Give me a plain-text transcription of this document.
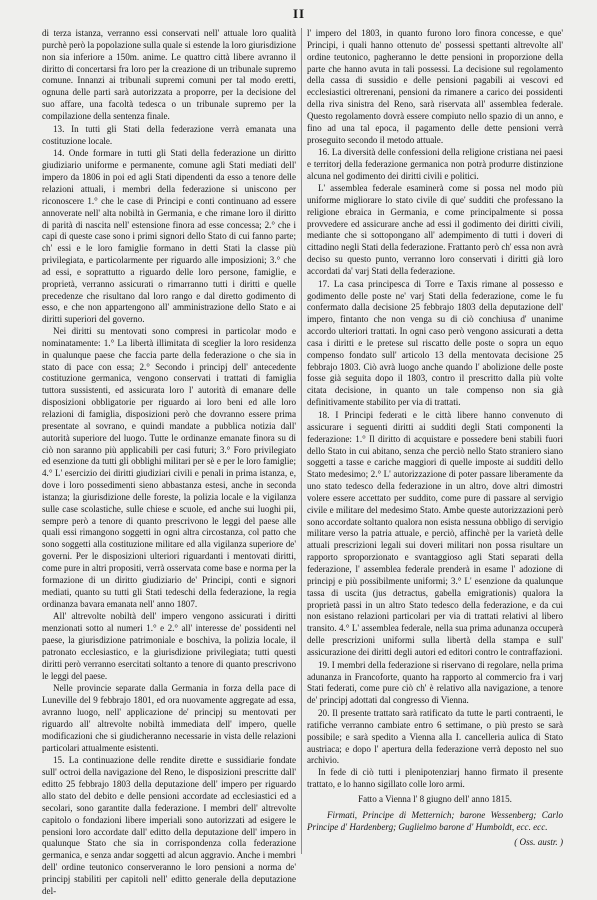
II

di terza istanza, verranno essi conservati nell' attuale loro qualità purchè però la popolazione sulla quale si estende la loro giurisdizione non sia inferiore a 150m. anime. Le quattro città libere avranno il diritto di concertarsi fra loro per la creazione di un tribunale supremo comune. Innanzi ai tribunali supremi comuni per tal modo eretti, ognuna delle parti sarà autorizzata a proporre, per la decisione del suo affare, una facoltà tedesca o un tribunale supremo per la compilazione della sentenza finale.

13. In tutti gli Stati della federazione verrà emanata una costituzione locale.

14. Onde formare in tutti gli Stati della federazione un diritto giudiziario uniforme e permanente, comune agli Stati mediati dell' impero da 1806 in poi ed agli Stati dipendenti da esso a tenore delle relazioni attuali, i membri della federazione si uniscono per riconoscere 1.° che le case di Principi e conti continuano ad essere annoverate nell' alta nobiltà in Germania, e che rimane loro il diritto di parità di nascita nell' estensione finora ad esse concessa; 2.° che i capi di queste case sono i primi signori dello Stato di cui fanno parte; ch' essi e le loro famiglie formano in detti Stati la classe più privilegiata, e particolarmente per riguardo alle imposizioni; 3.° che ad essi, e soprattutto a riguardo delle loro persone, famiglie, e proprietà, verranno assicurati o rimarranno tutti i diritti e quelle precedenze che risultano dal loro rango e dal diretto godimento di esso, e che non appartengono all' amministrazione dello Stato e ai diritti superiori del governo.

Nei diritti su mentovati sono compresi in particolar modo e nominatamente: 1.° La libertà illimitata di sceglier la loro residenza in qualunque paese che faccia parte della federazione o che sia in stato di pace con essa; 2.° Secondo i principj dell' antecedente costituzione germanica, vengono conservati i trattati di famiglia tuttora sussistenti, ed assicurata loro l' autorità di emanare delle disposizioni obbligatorie per riguardo ai loro beni ed alle loro relazioni di famiglia, disposizioni però che dovranno essere prima presentate al sovrano, e quindi mandate a pubblica notizia dall' autorità superiore del luogo. Tutte le ordinanze emanate finora su di ciò non saranno più applicabili per casi futuri; 3.° Foro privilegiato ed esenzione da tutti gli obblighi militari per sè e per le loro famiglie; 4.° L' esercizio dei diritti giudiziari civili e penali in prima istanza, e, dove i loro possedimenti sieno abbastanza estesi, anche in seconda istanza; la giurisdizione delle foreste, la polizia locale e la vigilanza sulle case scolastiche, sulle chiese e scuole, ed anche sui luoghi pii, sempre però a tenore di quanto prescrivono le leggi del paese alle quali essi rimangono soggetti in ogni altra circostanza, col patto che sono soggetti alla costituzione militare ed alla vigilanza superiore de' governi. Per le disposizioni ulteriori riguardanti i mentovati diritti, come pure in altri propositi, verrà osservata come base e norma per la formazione di un diritto giudiziario de' Principi, conti e signori mediati, quanto su tutti gli Stati tedeschi della federazione, la regia ordinanza bavara emanata nell' anno 1807.

All' altrevolte nobiltà dell' impero vengono assicurati i diritti menzionati sotto al numeri 1.° e 2.° all' interesse de' possidenti nel paese, la giurisdizione patrimoniale e boschiva, la polizia locale, il patronato ecclesiastico, e la giurisdizione privilegiata; tutti questi diritti però verranno esercitati soltanto a tenore di quanto prescrivono le leggi del paese.

Nelle provincie separate dalla Germania in forza della pace di Luneville del 9 febbrajo 1801, ed ora nuovamente aggregate ad essa, avranno luogo, nell' applicazione de' principj su mentovati per riguardo all' altrevolte nobiltà immediata dell' impero, quelle modificazioni che si giudicheranno necessarie in vista delle relazioni particolari attualmente esistenti.

15. La continuazione delle rendite dirette e sussidiarie fondate sull' octroi della navigazione del Reno, le disposizioni prescritte dall' editto 25 febbrajo 1803 della deputazione dell' impero per riguardo allo stato del debito e delle pensioni accordate ad ecclesiastici ed a secolari, sono garantite dalla federazione. I membri dell' altrevolte capitolo o fondazioni libere imperiali sono autorizzati ad esigere le pensioni loro accordate dall' editto della deputazione dell' impero in qualunque Stato che sia in corrispondenza colla federazione germanica, e senza andar soggetti ad alcun aggravio. Anche i membri dell' ordine teutonico conserveranno le loro pensioni a norma de' principj stabiliti per capitoli nell' editto generale della deputazione del-

l' impero del 1803, in quanto furono loro finora concesse, e que' Principi, i quali hanno ottenuto de' possessi spettanti altrevolte all' ordine teutonico, pagheranno le dette pensioni in proporzione della parte che hanno avuta in tali possessi. La decisione sul regolamento della cassa di sussidio e delle pensioni pagabili ai vescovi ed ecclesiastici oltrerenani, pensioni da rimanere a carico dei possidenti della riva sinistra del Reno, sarà riservata all' assemblea federale. Questo regolamento dovrà essere compiuto nello spazio di un anno, e fino ad una tal epoca, il pagamento delle dette pensioni verrà proseguito secondo il metodo attuale.

16. La diversità delle confessioni della religione cristiana nei paesi e territorj della federazione germanica non potrà produrre distinzione alcuna nel godimento dei diritti civili e politici.

L' assemblea federale esaminerà come si possa nel modo più uniforme migliorare lo stato civile di que' sudditi che professano la religione ebraica in Germania, e come principalmente si possa provvedere ed assicurare anche ad essi il godimento dei diritti civili, mediante che si sottopongano all' adempimento di tutti i doveri di cittadino negli Stati della federazione. Frattanto però ch' essa non avrà deciso su questo punto, verranno loro conservati i diritti già loro accordati da' varj Stati della federazione.

17. La casa principesca di Torre e Taxis rimane al possesso e godimento delle poste ne' varj Stati della federazione, come le fu confermato dalla decisione 25 febbrajo 1803 della deputazione dell' impero, fintanto che non venga su di ciò conchiusa d' unanime accordo ulteriori trattati. In ogni caso però vengono assicurati a detta casa i diritti e le pretese sul riscatto delle poste o sopra un equo compenso fondato sull' articolo 13 della mentovata decisione 25 febbrajo 1803. Ciò avrà luogo anche quando l' abolizione delle poste fosse già seguita dopo il 1803, contro il prescritto dalla più volte citata decisione, in quanto un tale compenso non sia già definitivamente stabilito per via di trattati.

18. I Principi federati e le città libere hanno convenuto di assicurare i seguenti diritti ai sudditi degli Stati componenti la federazione: 1.° Il diritto di acquistare e possedere beni stabili fuori dello Stato in cui abitano, senza che perciò nello Stato straniero siano soggetti a tasse e cariche maggiori di quelle imposte ai sudditi dello Stato medesimo; 2.° L' autorizzazione di poter passare liberamente da uno stato tedesco della federazione in un altro, dove altri dimostri volere essere accettato per suddito, come pure di passare al servigio civile e militare del medesimo Stato. Ambe queste autorizzazioni però sono accordate soltanto qualora non esista nessuna obbligo di servigio militare verso la patria attuale, e perciò, affinchè per la varietà delle attuali prescrizioni legali sui doveri militari non possa risultare un rapporto sproporzionato e svantaggioso agli Stati separati della federazione, l' assemblea federale prenderà in esame l' adozione di principj e più possibilmente uniformi; 3.° L' esenzione da qualunque tassa di uscita (jus detractus, gabella emigrationis) qualora la proprietà passi in un altro Stato tedesco della federazione, e da cui non esistano relazioni particolari per via di trattati relativi al libero transito. 4.° L' assemblea federale, nella sua prima adunanza occuperà delle prescrizioni uniformi sulla libertà della stampa e sull' assicurazione dei diritti degli autori ed editori contro le contraffazioni.

19. I membri della federazione si riservano di regolare, nella prima adunanza in Francoforte, quanto ha rapporto al commercio fra i varj Stati federati, come pure ciò ch' è relativo alla navigazione, a tenore de' principj adottati dal congresso di Vienna.

20. Il presente trattato sarà ratificato da tutte le parti contraenti, le ratifiche verranno cambiate entro 6 settimane, o più presto se sarà possibile; e sarà spedito a Vienna alla I. cancelleria aulica di Stato austriaca; e dopo l' apertura della federazione verrà deposto nel suo archivio.

In fede di ciò tutti i plenipotenziarj hanno firmato il presente trattato, e lo hanno sigillato colle loro armi.

Fatto a Vienna l' 8 giugno dell' anno 1815.

Firmati, Principe di Metternich; barone Wessenberg; Carlo Principe d' Hardenberg; Guglielmo barone d' Humboldt, ecc. ecc.

( Oss. austr. )
